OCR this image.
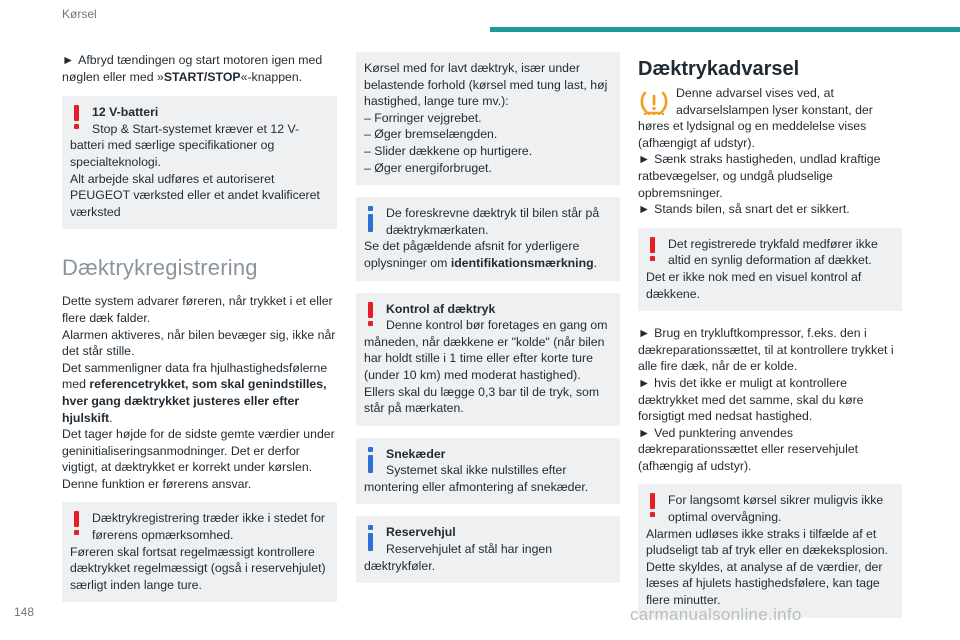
Kørsel

► Afbryd tændingen og start motoren igen med nøglen eller med »START/STOP«-knappen.

12 V-batteri
Stop & Start-systemet kræver et 12 V-batteri med særlige specifikationer og specialteknologi.
Alt arbejde skal udføres et autoriseret PEUGEOT værksted eller et andet kvalificeret værksted
Dæktrykregistrering

Dette system advarer føreren, når trykket i et eller flere dæk falder.
Alarmen aktiveres, når bilen bevæger sig, ikke når det står stille.
Det sammenligner data fra hjulhastighedsfølerne med referencetrykket, som skal genindstilles, hver gang dæktrykket justeres eller efter hjulskift.
Det tager højde for de sidste gemte værdier under geninitialiseringsanmodninger. Det er derfor vigtigt, at dæktrykket er korrekt under kørslen. Denne funktion er førerens ansvar.

Dæktrykregistrering træder ikke i stedet for førerens opmærksomhed.
Føreren skal fortsat regelmæssigt kontrollere dæktrykket regelmæssigt (også i reservehjulet) særligt inden lange ture.
Kørsel med for lavt dæktryk, især under belastende forhold (kørsel med tung last, høj hastighed, lange ture mv.):
– Forringer vejgrebet.
– Øger bremselængden.
– Slider dækkene op hurtigere.
– Øger energiforbruget.
De foreskrevne dæktryk til bilen står på dæktrykmærkaten.
Se det pågældende afsnit for yderligere oplysninger om identifikationsmærkning.
Kontrol af dæktryk
Denne kontrol bør foretages en gang om
måneden, når dækkene er "kolde" (når bilen har holdt stille i 1 time eller efter korte ture (under 10 km) med moderat hastighed).
Ellers skal du lægge 0,3 bar til de tryk, som står på mærkaten.
Snekæder
Systemet skal ikke nulstilles efter
montering eller afmontering af snekæder.
Reservehjul
Reservehjulet af stål har ingen
dæktrykføler.
Dæktrykadvarsel

Denne advarsel vises ved, at advarselslampen lyser konstant, der
høres et lydsignal og en meddelelse vises (afhængigt af udstyr).

► Sænk straks hastigheden, undlad kraftige ratbevægelser, og undgå pludselige opbremsninger.

► Stands bilen, så snart det er sikkert.

Det registrerede trykfald medfører ikke altid en synlig deformation af dækket.
Det er ikke nok med en visuel kontrol af dækkene.

► Brug en trykluftkompressor, f.eks. den i dækreparationssættet, til at kontrollere trykket i alle fire dæk, når de er kolde.

► hvis det ikke er muligt at kontrollere dæktrykket med det samme, skal du køre forsigtigt med nedsat hastighed.

► Ved punktering anvendes dækreparationssættet eller reservehjulet (afhængig af udstyr).

For langsomt kørsel sikrer muligvis ikke optimal overvågning.
Alarmen udløses ikke straks i tilfælde af et pludseligt tab af tryk eller en dækeksplosion. Dette skyldes, at analyse af de værdier, der læses af hjulets hastighedsfølere, kan tage flere minutter.
148	carmanualsonline.info
